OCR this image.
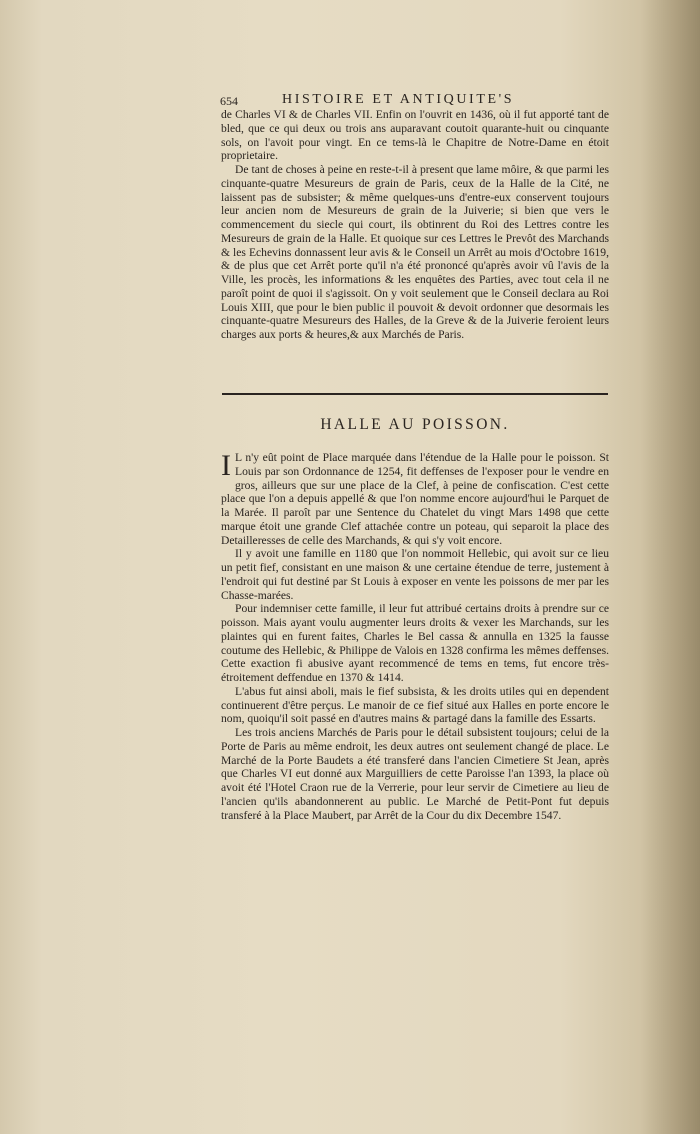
654	HISTOIRE ET ANTIQUITE'S

de Charles VI & de Charles VII. Enfin on l'ouvrit en 1436, où il fut apporté tant de bled, que ce qui deux ou trois ans auparavant coutoit quarante-huit ou cinquante sols, on l'avoit pour vingt. En ce tems-là le Chapitre de Notre-Dame en étoit proprietaire.

De tant de choses à peine en reste-t-il à present que lame môire, & que parmi les cinquante-quatre Mesureurs de grain de Paris, ceux de la Halle de la Cité, ne laissent pas de subsister; & même quelques-uns d'entre-eux conservent toujours leur ancien nom de Mesureurs de grain de la Juiverie; si bien que vers le commencement du siecle qui court, ils obtinrent du Roi des Lettres contre les Mesureurs de grain de la Halle. Et quoique sur ces Lettres le Prevôt des Marchands & les Echevins donnassent leur avis & le Conseil un Arrêt au mois d'Octobre 1619, & de plus que cet Arrêt porte qu'il n'a été prononcé qu'après avoir vû l'avis de la Ville, les procès, les informations & les enquêtes des Parties, avec tout cela il ne paroît point de quoi il s'agissoit. On y voit seulement que le Conseil declara au Roi Louis XIII, que pour le bien public il pouvoit & devoit ordonner que desormais les cinquante-quatre Mesureurs des Halles, de la Greve & de la Juiverie feroient leurs charges aux ports & heures,& aux Marchés de Paris.

HALLE AU POISSON.

I L n'y eût point de Place marquée dans l'étendue de la Halle pour le poisson. St Louis par son Ordonnance de 1254, fit deffenses de l'exposer pour le vendre en gros, ailleurs que sur une place de la Clef, à peine de confiscation. C'est cette place que l'on a depuis appellé & que l'on nomme encore aujourd'hui le Parquet de la Marée. Il paroît par une Sentence du Chatelet du vingt Mars 1498 que cette marque étoit une grande Clef attachée contre un poteau, qui separoit la place des Detailleresses de celle des Marchands, & qui s'y voit encore.

Il y avoit une famille en 1180 que l'on nommoit Hellebic, qui avoit sur ce lieu un petit fief, consistant en une maison & une certaine étendue de terre, justement à l'endroit qui fut destiné par St Louis à exposer en vente les poissons de mer par les Chasse-marées.

Pour indemniser cette famille, il leur fut attribué certains droits à prendre sur ce poisson. Mais ayant voulu augmenter leurs droits & vexer les Marchands, sur les plaintes qui en furent faites, Charles le Bel cassa & annulla en 1325 la fausse coutume des Hellebic, & Philippe de Valois en 1328 confirma les mêmes deffenses. Cette exaction fi abusive ayant recommencé de tems en tems, fut encore très-étroitement deffendue en 1370 & 1414.

L'abus fut ainsi aboli, mais le fief subsista, & les droits utiles qui en dependent continuerent d'être perçus. Le manoir de ce fief situé aux Halles en porte encore le nom, quoiqu'il soit passé en d'autres mains & partagé dans la famille des Essarts.

Les trois anciens Marchés de Paris pour le détail subsistent toujours; celui de la Porte de Paris au même endroit, les deux autres ont seulement changé de place. Le Marché de la Porte Baudets a été transferé dans l'ancien Cimetiere St Jean, après que Charles VI eut donné aux Marguilliers de cette Paroisse l'an 1393, la place où avoit été l'Hotel Craon rue de la Verrerie, pour leur servir de Cimetiere au lieu de l'ancien qu'ils abandonnerent au public. Le Marché de Petit-Pont fut depuis transferé à la Place Maubert, par Arrêt de la Cour du dix Decembre 1547.
